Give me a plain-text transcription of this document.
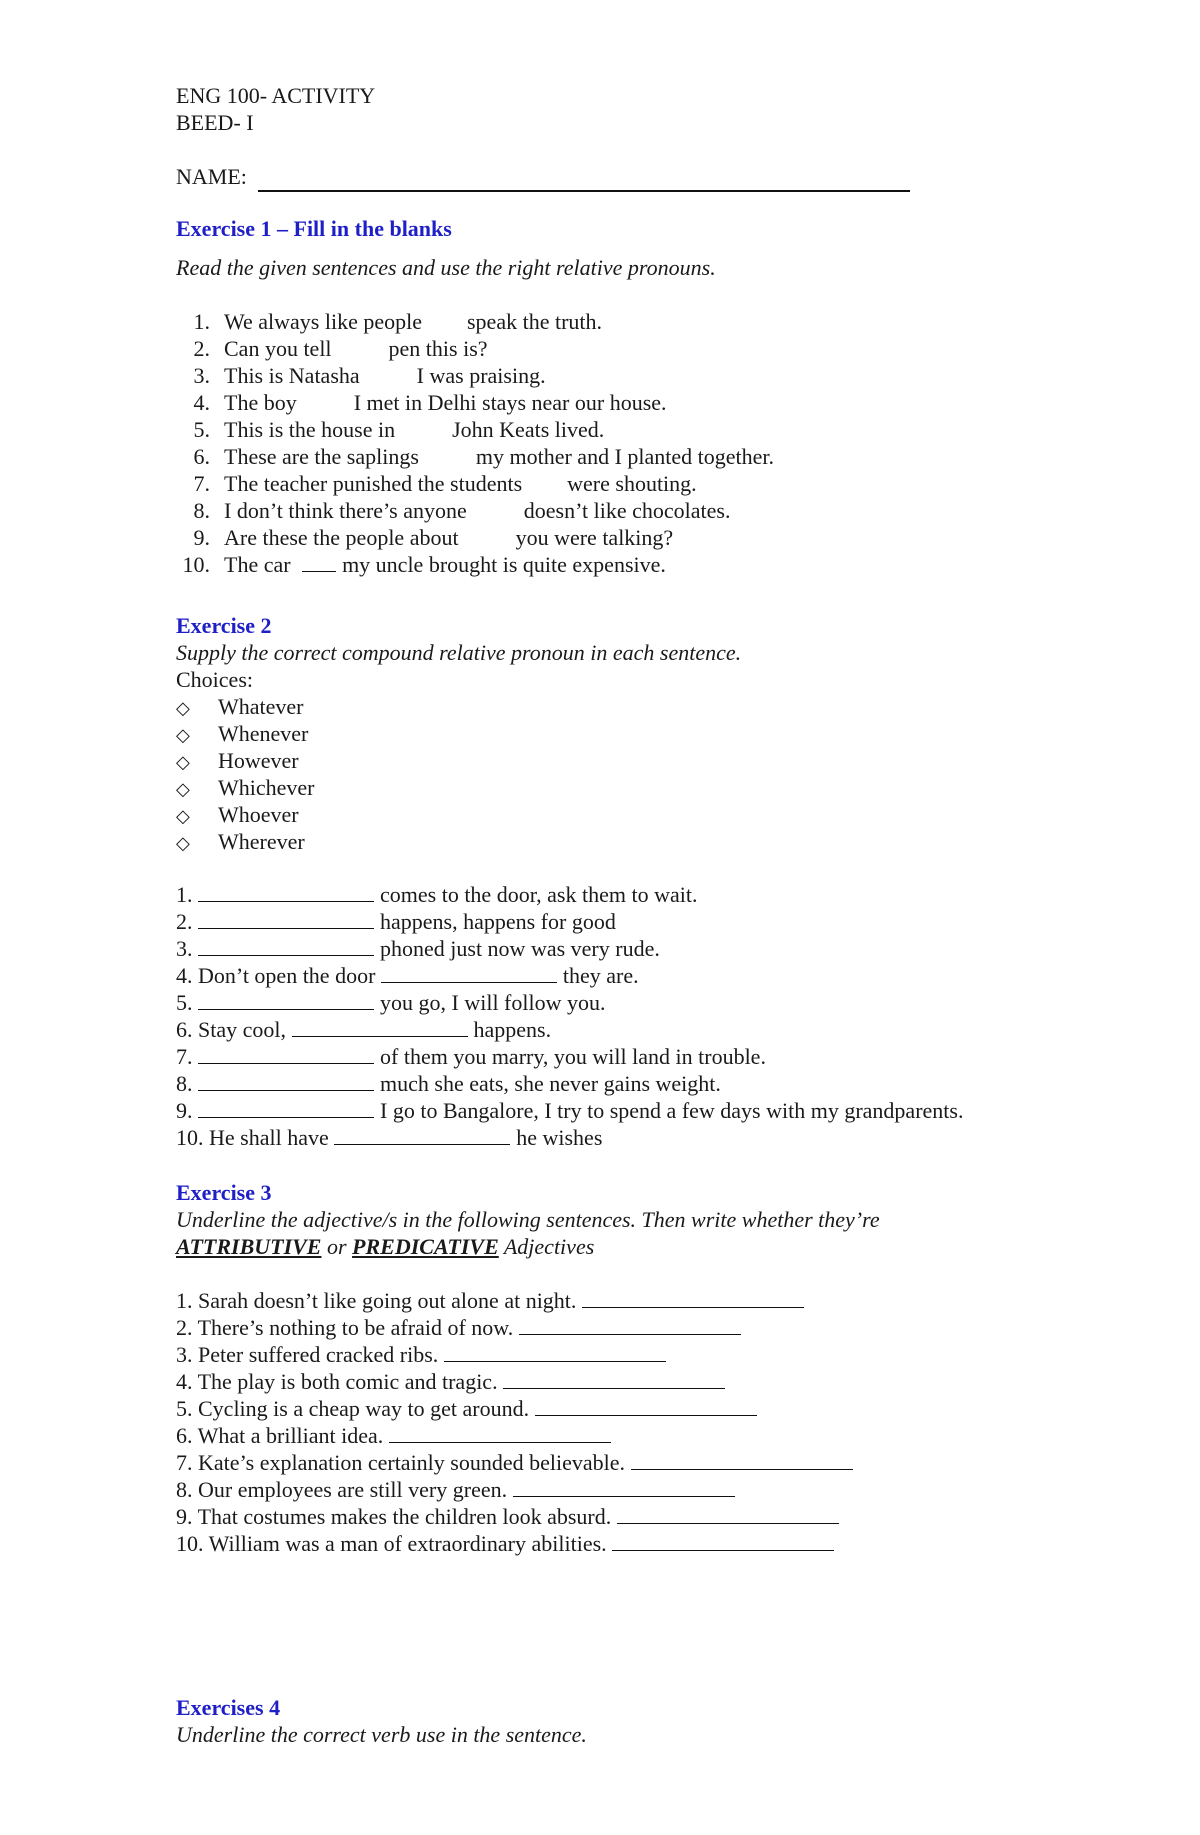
ENG 100- ACTIVITY
BEED- I
NAME:
Exercise 1 – Fill in the blanks
Read the given sentences and use the right relative pronouns.
1. We always like people  speak the truth.
2. Can you tell  pen this is?
3. This is Natasha  I was praising.
4. The boy  I met in Delhi stays near our house.
5. This is the house in  John Keats lived.
6. These are the saplings  my mother and I planted together.
7. The teacher punished the students  were shouting.
8. I don’t think there’s anyone  doesn’t like chocolates.
9. Are these the people about  you were talking?
10. The car my uncle brought is quite expensive.
Exercise 2
Supply the correct compound relative pronoun in each sentence.
Choices:
◇ Whatever
◇ Whenever
◇ However
◇ Whichever
◇ Whoever
◇ Wherever
1.	comes to the door, ask them to wait.
2.	happens, happens for good
3.	phoned just now was very rude.
4. Don’t open the door	they are.
5.	you go, I will follow you.
6. Stay cool,	happens.
7.	of them you marry, you will land in trouble.
8.	much she eats, she never gains weight.
9.	I go to Bangalore, I try to spend a few days with my grandparents.
10. He shall have	he wishes
Exercise 3
Underline the adjective/s in the following sentences. Then write whether they’re
ATTRIBUTIVE or PREDICATIVE Adjectives
1. Sarah doesn’t like going out alone at night.
2. There’s nothing to be afraid of now.
3. Peter suffered cracked ribs.
4. The play is both comic and tragic.
5. Cycling is a cheap way to get around.
6. What a brilliant idea.
7. Kate’s explanation certainly sounded believable.
8. Our employees are still very green.
9. That costumes makes the children look absurd.
10. William was a man of extraordinary abilities.
Exercises 4
Underline the correct verb use in the sentence.
